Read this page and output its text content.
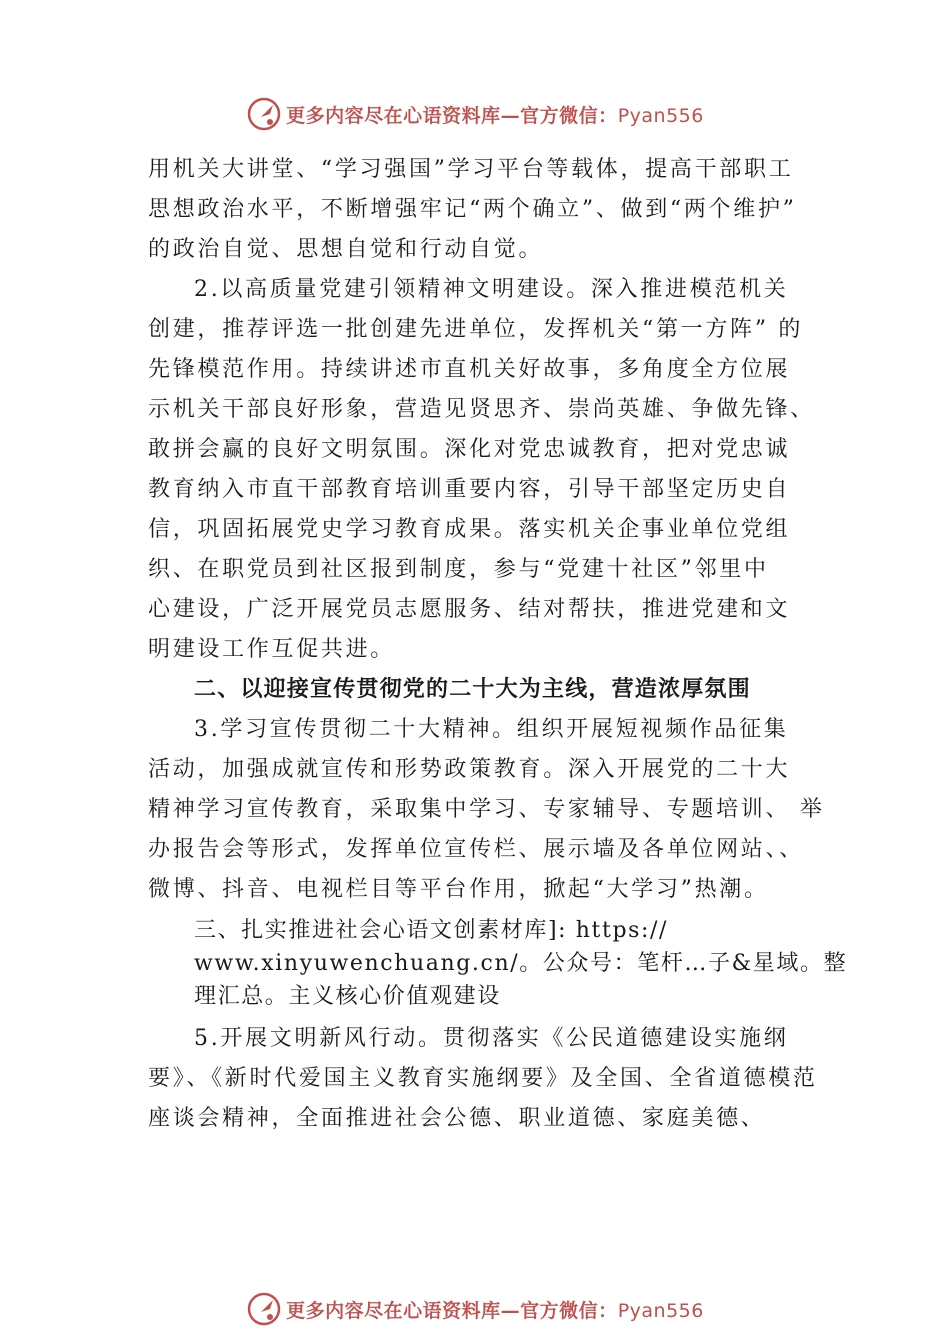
更多内容尽在心语资料库—官方微信：Pyan556
用机关大讲堂、“学习强国”学习平台等载体，提高干部职工
思想政治水平，不断增强牢记“两个确立”、做到“两个维护”
的政治自觉、思想自觉和行动自觉。
2.以高质量党建引领精神文明建设。深入推进模范机关
创建，推荐评选一批创建先进单位，发挥机关“第一方阵” 的
先锋模范作用。持续讲述市直机关好故事，多角度全方位展
示机关干部良好形象，营造见贤思齐、崇尚英雄、争做先锋、
敢拼会赢的良好文明氛围。深化对党忠诚教育，把对党忠诚
教育纳入市直干部教育培训重要内容，引导干部坚定历史自
信，巩固拓展党史学习教育成果。落实机关企事业单位党组
织、在职党员到社区报到制度，参与“党建十社区”邻里中
心建设，广泛开展党员志愿服务、结对帮扶，推进党建和文
明建设工作互促共进。
二、以迎接宣传贯彻党的二十大为主线，营造浓厚氛围
3.学习宣传贯彻二十大精神。组织开展短视频作品征集
活动，加强成就宣传和形势政策教育。深入开展党的二十大
精神学习宣传教育，采取集中学习、专家辅导、专题培训、 举
办报告会等形式，发挥单位宣传栏、展示墙及各单位网站、、
微博、抖音、电视栏目等平台作用，掀起“大学习”热潮。
三、扎实推进社会心语文创素材库]: https://
www.xinyuwenchuang.cn/。公众号：笔杆…子&星域。整
理汇总。主义核心价值观建设
5.开展文明新风行动。贯彻落实《公民道德建设实施纲
要》、《新时代爱国主义教育实施纲要》及全国、全省道德模范
座谈会精神，全面推进社会公德、职业道德、家庭美德、
更多内容尽在心语资料库—官方微信：Pyan556
